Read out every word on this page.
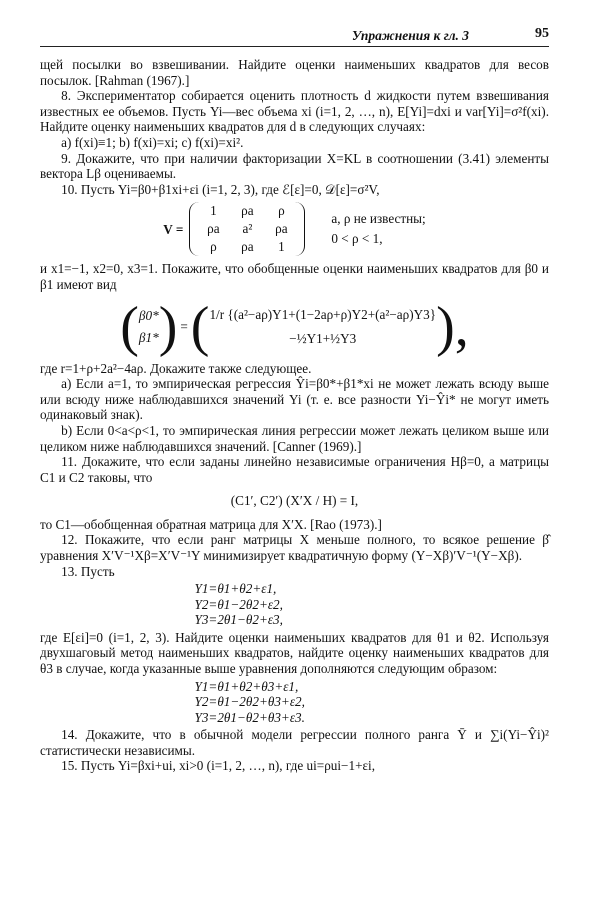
Упражнения к гл. 3	95

щей посылки во взвешивании. Найдите оценки наименьших квадратов для весов посылок. [Rahman (1967).]

8. Экспериментатор собирается оценить плотность d жидкости путем взвешивания известных ее объемов. Пусть Yi—вес объема xi (i=1, 2, …, n), E[Yi]=dxi и var[Yi]=σ²f(xi). Найдите оценку наименьших квадратов для d в следующих случаях:

a) f(xi)≡1; b) f(xi)=xi; c) f(xi)=xi².

9. Докажите, что при наличии факторизации X=KL в соотношении (3.41) элементы вектора Lβ оцениваемы.

10. Пусть Yi=β0+β1xi+εi (i=1, 2, 3), где ℰ[ε]=0, 𝒟[ε]=σ²V,

V =
1	ρa	ρ
ρa	a²	ρa
ρ	ρa	1
a, ρ не известны;
0 < ρ < 1,

и x1=−1, x2=0, x3=1. Покажите, что обобщенные оценки наименьших квадратов для β0 и β1 имеют вид

( β0*
β1* ) = ( 1/r {(a²−aρ)Y1+(1−2aρ+ρ)Y2+(a²−aρ)Y3}
−½Y1+½Y3	),

где r=1+ρ+2a²−4aρ. Докажите также следующее.

a) Если a=1, то эмпирическая регрессия Ŷi=β0*+β1*xi не может лежать всюду выше или всюду ниже наблюдавшихся значений Yi (т. е. все разности Yi−Ŷi* не могут иметь одинаковый знак).

b) Если 0<a<ρ<1, то эмпирическая линия регрессии может лежать целиком выше или целиком ниже наблюдавшихся значений. [Canner (1969).]

11. Докажите, что если заданы линейно независимые ограничения Hβ=0, а матрицы C1 и C2 таковы, что

(C1′, C2′) (X′X / H) = I,

то C1—обобщенная обратная матрица для X′X. [Rao (1973).]

12. Покажите, что если ранг матрицы X меньше полного, то всякое решение β̂ уравнения X′V⁻¹Xβ=X′V⁻¹Y минимизирует квадратичную форму (Y−Xβ)′V⁻¹(Y−Xβ).

13. Пусть

Y1=θ1+θ2+ε1,
Y2=θ1−2θ2+ε2,
Y3=2θ1−θ2+ε3,

где E[εi]=0 (i=1, 2, 3). Найдите оценки наименьших квадратов для θ1 и θ2. Используя двухшаговый метод наименьших квадратов, найдите оценку наименьших квадратов для θ3 в случае, когда указанные выше уравнения дополняются следующим образом:

Y1=θ1+θ2+θ3+ε1,
Y2=θ1−2θ2+θ3+ε2,
Y3=2θ1−θ2+θ3+ε3.

14. Докажите, что в обычной модели регрессии полного ранга Ȳ и ∑i(Yi−Ŷi)² статистически независимы.

15. Пусть Yi=βxi+ui, xi>0 (i=1, 2, …, n), где ui=ρui−1+εi,
